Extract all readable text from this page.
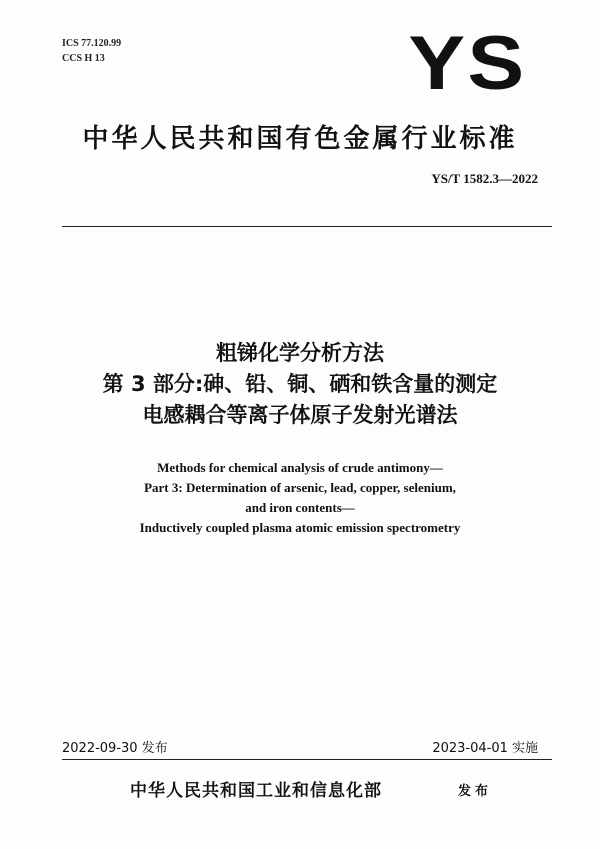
ICS 77.120.99
CCS H 13	YS
中华人民共和国有色金属行业标准
YS/T 1582.3—2022
粗锑化学分析方法
第 3 部分:砷、铅、铜、硒和铁含量的测定
电感耦合等离子体原子发射光谱法
Methods for chemical analysis of crude antimony—
Part 3: Determination of arsenic, lead, copper, selenium,
and iron contents—
Inductively coupled plasma atomic emission spectrometry
2022-09-30 发布	2023-04-01 实施
中华人民共和国工业和信息化部	发布
